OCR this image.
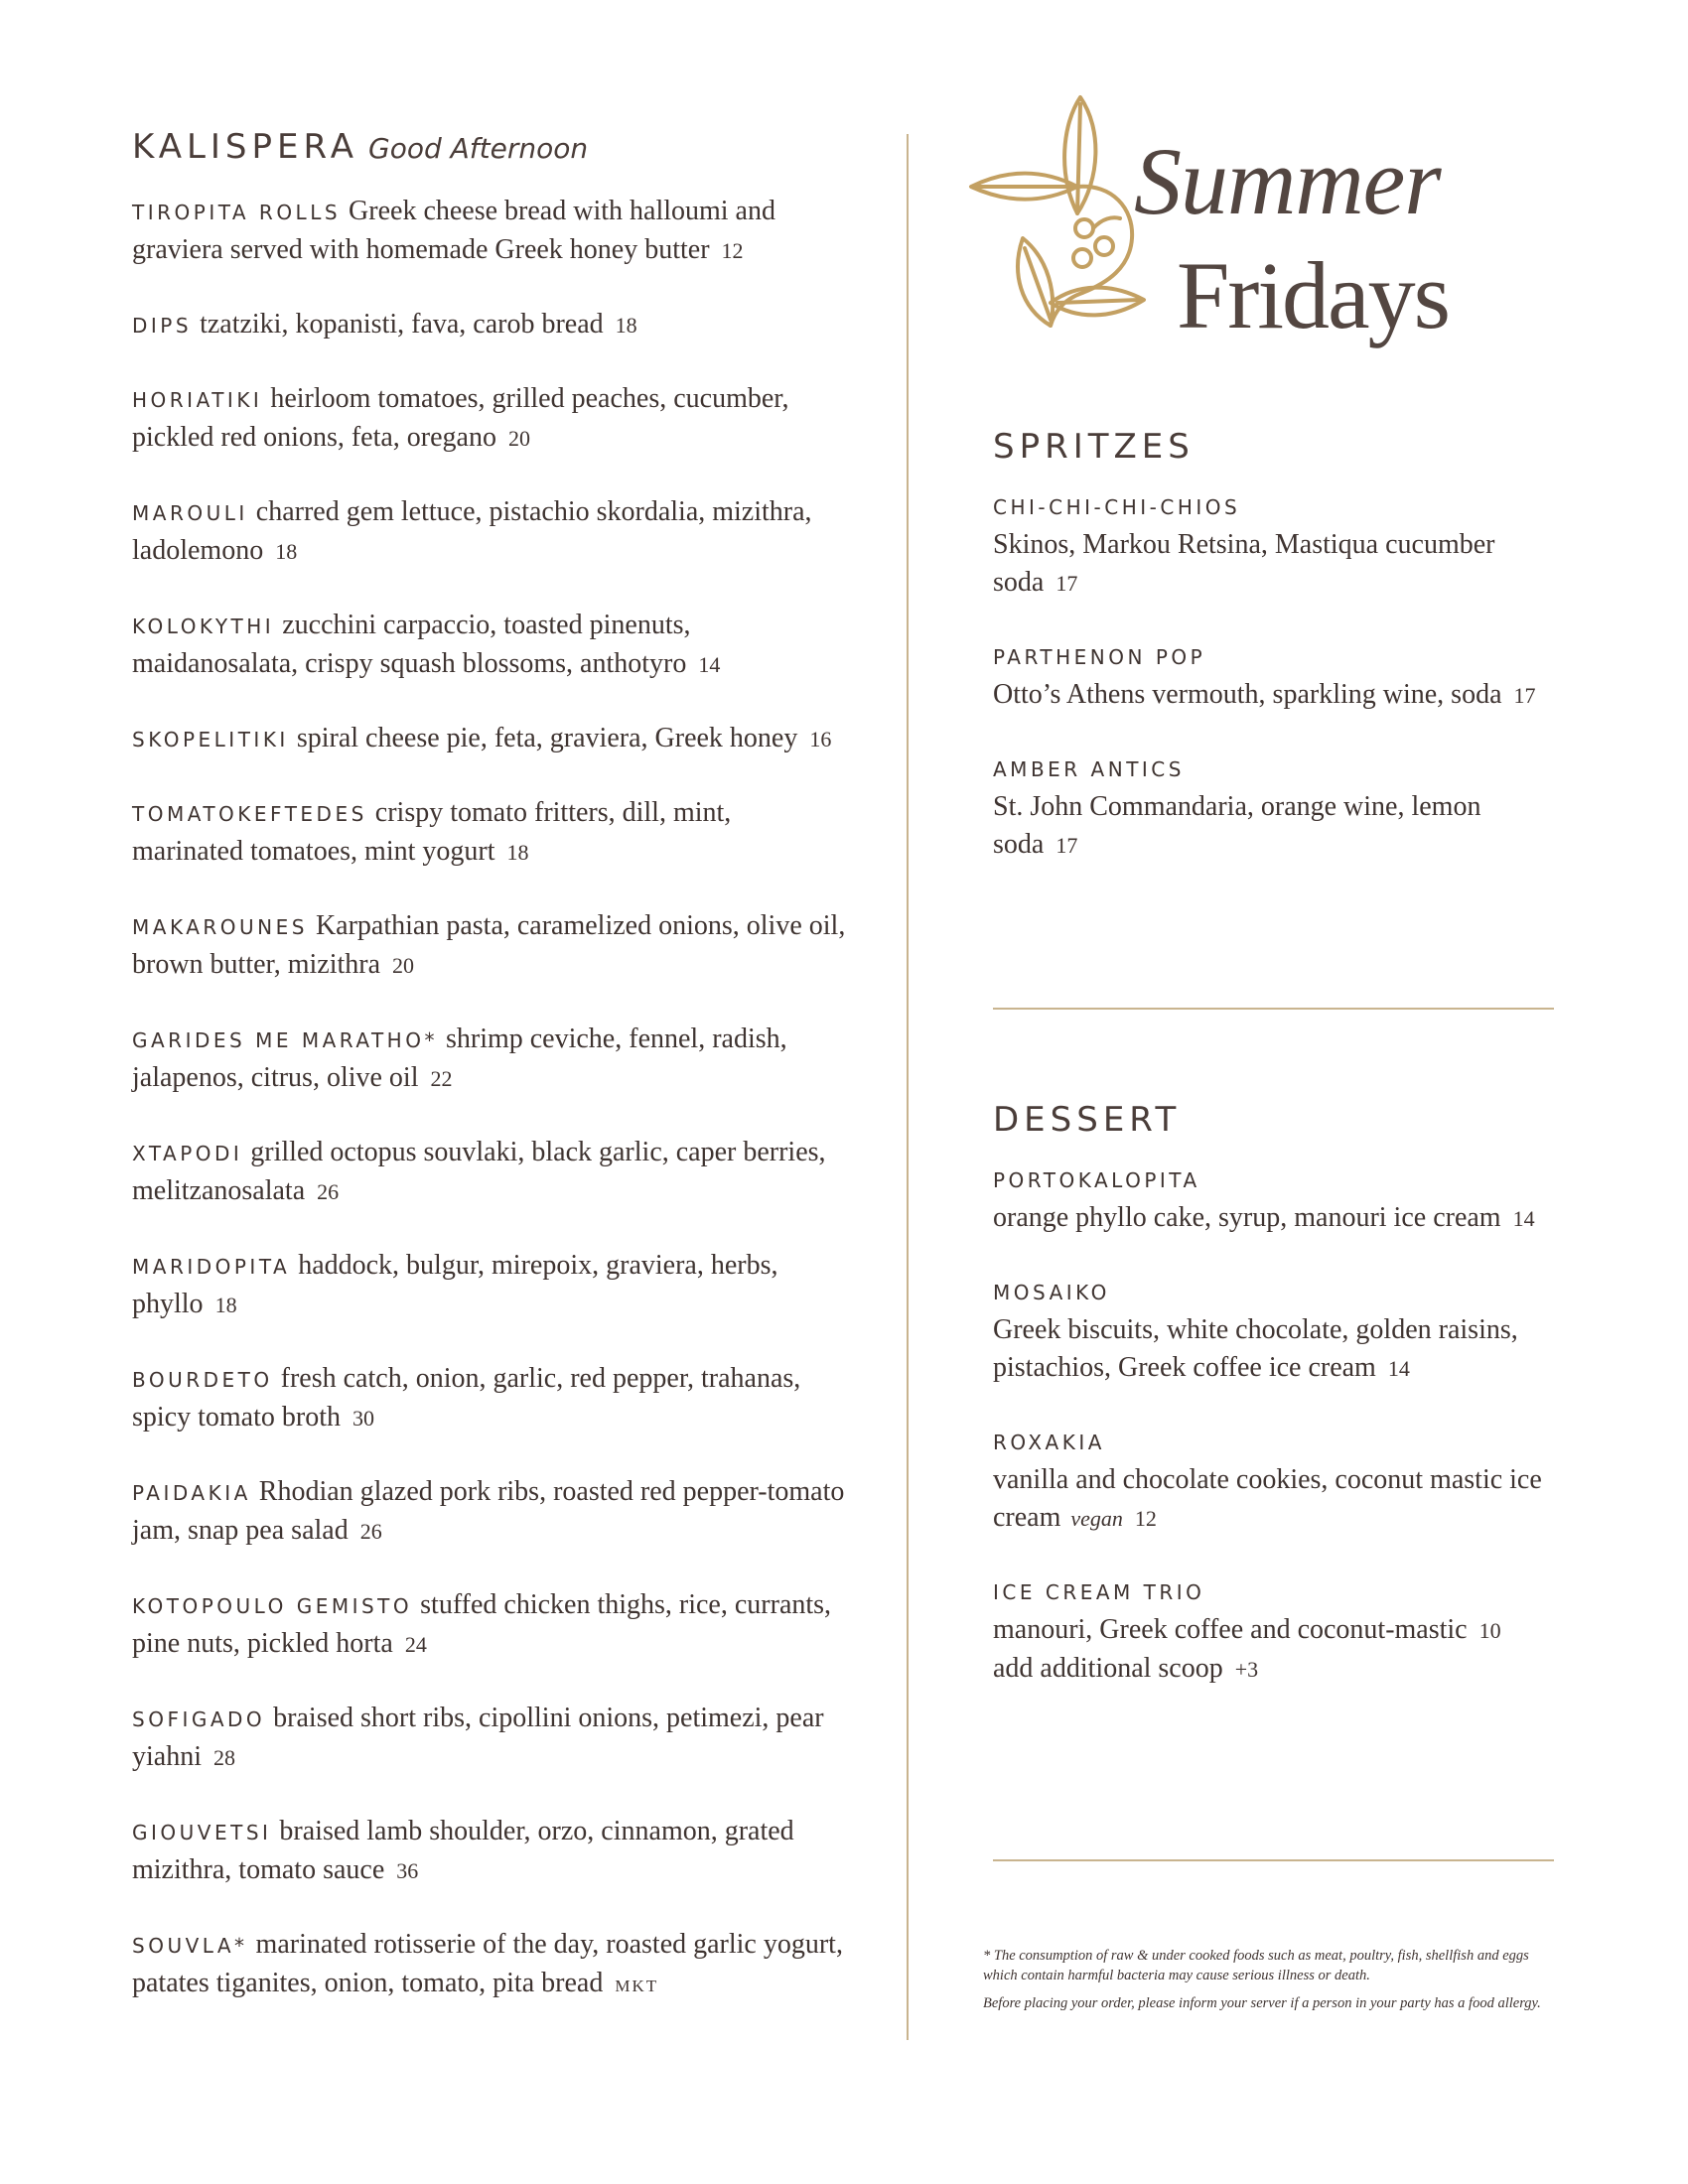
Summer
Fridays
KALISPERA Good Afternoon
TIROPITA ROLLS Greek cheese bread with halloumi and graviera served with homemade Greek honey butter 12
DIPS tzatziki, kopanisti, fava, carob bread 18
HORIATIKI heirloom tomatoes, grilled peaches, cucumber, pickled red onions, feta, oregano 20
MAROULI charred gem lettuce, pistachio skordalia, mizithra, ladolemono 18
KOLOKYTHI zucchini carpaccio, toasted pinenuts, maidanosalata, crispy squash blossoms, anthotyro 14
SKOPELITIKI spiral cheese pie, feta, graviera, Greek honey 16
TOMATOKEFTEDES crispy tomato fritters, dill, mint, marinated tomatoes, mint yogurt 18
MAKAROUNES Karpathian pasta, caramelized onions, olive oil, brown butter, mizithra 20
GARIDES ME MARATHO* shrimp ceviche, fennel, radish, jalapenos, citrus, olive oil 22
XTAPODI grilled octopus souvlaki, black garlic, caper berries, melitzanosalata 26
MARIDOPITA haddock, bulgur, mirepoix, graviera, herbs, phyllo 18
BOURDETO fresh catch, onion, garlic, red pepper, trahanas, spicy tomato broth 30
PAIDAKIA Rhodian glazed pork ribs, roasted red pepper-tomato jam, snap pea salad 26
KOTOPOULO GEMISTO stuffed chicken thighs, rice, currants, pine nuts, pickled horta 24
SOFIGADO braised short ribs, cipollini onions, petimezi, pear yiahni 28
GIOUVETSI braised lamb shoulder, orzo, cinnamon, grated mizithra, tomato sauce 36
SOUVLA* marinated rotisserie of the day, roasted garlic yogurt, patates tiganites, onion, tomato, pita bread MKT
SPRITZES
CHI-CHI-CHI-CHIOS
Skinos, Markou Retsina, Mastiqua cucumber soda 17
PARTHENON POP
Otto’s Athens vermouth, sparkling wine, soda 17
AMBER ANTICS
St. John Commandaria, orange wine, lemon soda 17
DESSERT
PORTOKALOPITA
orange phyllo cake, syrup, manouri ice cream 14
MOSAIKO
Greek biscuits, white chocolate, golden raisins, pistachios, Greek coffee ice cream 14
ROXAKIA
vanilla and chocolate cookies, coconut mastic ice cream vegan 12
ICE CREAM TRIO
manouri, Greek coffee and coconut-mastic 10
add additional scoop +3

* The consumption of raw & under cooked foods such as meat, poultry, fish, shellfish and eggs which contain harmful bacteria may cause serious illness or death.

Before placing your order, please inform your server if a person in your party has a food allergy.
